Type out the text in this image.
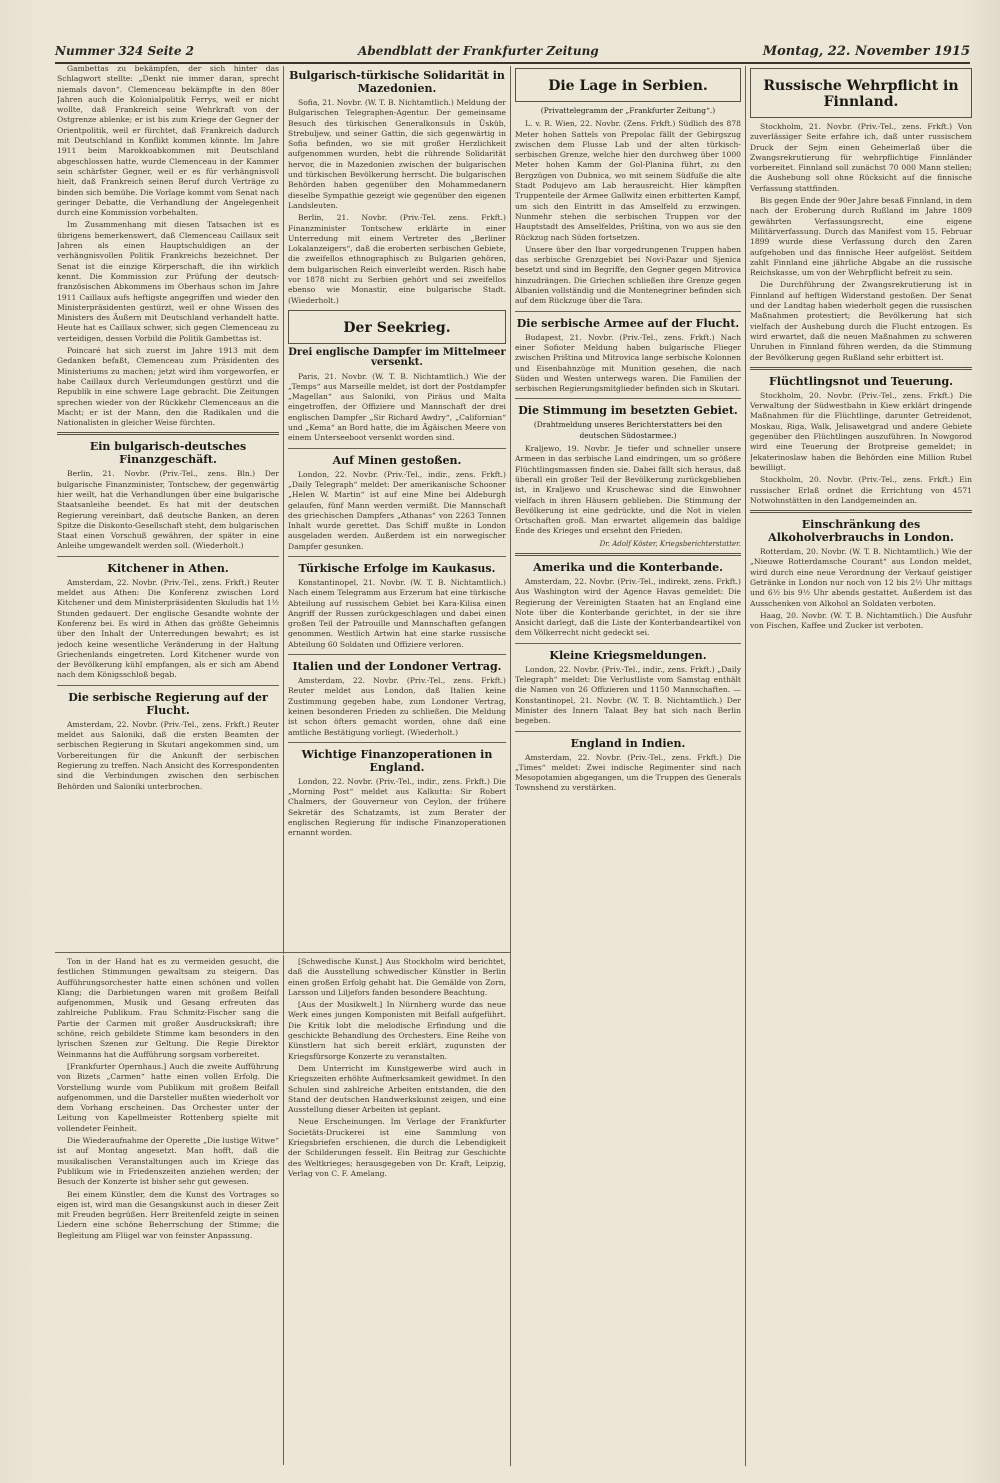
Nummer 324 Seite 2	Abendblatt der Frankfurter Zeitung	Montag, 22. November 1915

Gambettas zu bekämpfen, der sich hinter das Schlagwort stellte: „Denkt nie immer daran, sprecht niemals davon“. Clemenceau bekämpfte in den 80er Jahren auch die Kolonialpolitik Ferrys, weil er nicht wollte, daß Frankreich seine Wehrkraft von der Ostgrenze ablenke; er ist bis zum Kriege der Gegner der Orientpolitik, weil er fürchtet, daß Frankreich dadurch mit Deutschland in Konflikt kommen könnte. Im Jahre 1911 beim Marokkoabkommen mit Deutschland abgeschlossen hatte, wurde Clemenceau in der Kammer sein schärfster Gegner, weil er es für verhängnisvoll hielt, daß Frankreich seinen Beruf durch Verträge zu binden sich bemühe. Die Vorlage kommt vom Senat nach geringer Debatte, die Verhandlung der Angelegenheit durch eine Kommission vorbehalten.

Im Zusammenhang mit diesen Tatsachen ist es übrigens bemerkenswert, daß Clemenceau Caillaux seit Jahren als einen Hauptschuldigen an der verhängnisvollen Politik Frankreichs bezeichnet. Der Senat ist die einzige Körperschaft, die ihn wirklich kennt. Die Kommission zur Prüfung der deutsch-französischen Abkommens im Oberhaus schon im Jahre 1911 Caillaux aufs heftigste angegriffen und wieder den Ministerpräsidenten gestürzt, weil er ohne Wissen des Ministers des Äußern mit Deutschland verhandelt hatte. Heute hat es Caillaux schwer, sich gegen Clemenceau zu verteidigen, dessen Vorbild die Politik Gambettas ist.

Poincaré hat sich zuerst im Jahre 1913 mit dem Gedanken befaßt, Clemenceau zum Präsidenten des Ministeriums zu machen; jetzt wird ihm vorgeworfen, er habe Caillaux durch Verleumdungen gestürzt und die Republik in eine schwere Lage gebracht. Die Zeitungen sprechen wieder von der Rückkehr Clemenceaus an die Macht; er ist der Mann, den die Radikalen und die Nationalisten in gleicher Weise fürchten.

Ein bulgarisch-deutsches Finanzgeschäft.

Berlin, 21. Novbr. (Priv.-Tel., zens. Bln.) Der bulgarische Finanzminister, Tontschew, der gegenwärtig hier weilt, hat die Verhandlungen über eine bulgarische Staatsanleihe beendet. Es hat mit der deutschen Regierung vereinbart, daß deutsche Banken, an deren Spitze die Diskonto-Gesellschaft steht, dem bulgarischen Staat einen Vorschuß gewähren, der später in eine Anleihe umgewandelt werden soll. (Wiederholt.)

Kitchener in Athen.

Amsterdam, 22. Novbr. (Priv.-Tel., zens. Frkft.) Reuter meldet aus Athen: Die Konferenz zwischen Lord Kitchener und dem Ministerpräsidenten Skuludis hat 1½ Stunden gedauert. Der englische Gesandte wohnte der Konferenz bei. Es wird in Athen das größte Geheimnis über den Inhalt der Unterredungen bewahrt; es ist jedoch keine wesentliche Veränderung in der Haltung Griechenlands eingetreten. Lord Kitchener wurde von der Bevölkerung kühl empfangen, als er sich am Abend nach dem Königsschloß begab.

Die serbische Regierung auf der Flucht.

Amsterdam, 22. Novbr. (Priv.-Tel., zens. Frkft.) Reuter meldet aus Saloniki, daß die ersten Beamten der serbischen Regierung in Skutari angekommen sind, um Vorbereitungen für die Ankunft der serbischen Regierung zu treffen. Nach Ansicht des Korrespondenten sind die Verbindungen zwischen den serbischen Behörden und Saloniki unterbrochen.

Bulgarisch-türkische Solidarität in Mazedonien.

Sofia, 21. Novbr. (W. T. B. Nichtamtlich.) Meldung der Bulgarischen Telegraphen-Agentur. Der gemeinsame Besuch des türkischen Generalkonsuls in Üsküb, Strebuljew, und seiner Gattin, die sich gegenwärtig in Sofia befinden, wo sie mit großer Herzlichkeit aufgenommen wurden, hebt die rührende Solidarität hervor, die in Mazedonien zwischen der bulgarischen und türkischen Bevölkerung herrscht. Die bulgarischen Behörden haben gegenüber den Mohammedanern dieselbe Sympathie gezeigt wie gegenüber den eigenen Landsleuten.

Berlin, 21. Novbr. (Priv.-Tel. zens. Frkft.) Finanzminister Tontschew erklärte in einer Unterredung mit einem Vertreter des „Berliner Lokalanzeigers“, daß die eroberten serbischen Gebiete, die zweifellos ethnographisch zu Bulgarien gehören, dem bulgarischen Reich einverleibt werden. Risch habe vor 1878 nicht zu Serbien gehört und sei zweifellos ebenso wie Monastir, eine bulgarische Stadt. (Wiederholt.)

Der Seekrieg.
Drei englische Dampfer im Mittelmeer versenkt.

Paris, 21. Novbr. (W. T. B. Nichtamtlich.) Wie der „Temps“ aus Marseille meldet, ist dort der Postdampfer „Magellan“ aus Saloniki, von Piräus und Malta eingetroffen, der Offiziere und Mannschaft der drei englischen Dampfer „Sir Richard Awdry“, „Californian“ und „Kema“ an Bord hatte, die im Ägäischen Meere von einem Unterseeboot versenkt worden sind.

Auf Minen gestoßen.

London, 22. Novbr. (Priv.-Tel., indir., zens. Frkft.) „Daily Telegraph“ meldet: Der amerikanische Schooner „Helen W. Martin“ ist auf eine Mine bei Aldeburgh gelaufen, fünf Mann werden vermißt. Die Mannschaft des griechischen Dampfers „Athanas“ von 2263 Tonnen Inhalt wurde gerettet. Das Schiff mußte in London ausgeladen werden. Außerdem ist ein norwegischer Dampfer gesunken.

Türkische Erfolge im Kaukasus.

Konstantinopel, 21. Novbr. (W. T. B. Nichtamtlich.) Nach einem Telegramm aus Erzerum hat eine türkische Abteilung auf russischem Gebiet bei Kara-Kilisa einen Angriff der Russen zurückgeschlagen und dabei einen großen Teil der Patrouille und Mannschaften gefangen genommen. Westlich Artwin hat eine starke russische Abteilung 60 Soldaten und Offiziere verloren.

Italien und der Londoner Vertrag.

Amsterdam, 22. Novbr. (Priv.-Tel., zens. Frkft.) Reuter meldet aus London, daß Italien keine Zustimmung gegeben habe, zum Londoner Vertrag, keinen besonderen Frieden zu schließen. Die Meldung ist schon öfters gemacht worden, ohne daß eine amtliche Bestätigung vorliegt. (Wiederholt.)

Wichtige Finanzoperationen in England.

London, 22. Novbr. (Priv.-Tel., indir., zens. Frkft.) Die „Morning Post“ meldet aus Kalkutta: Sir Robert Chalmers, der Gouverneur von Ceylon, der frühere Sekretär des Schatzamts, ist zum Berater der englischen Regierung für indische Finanzoperationen ernannt worden.

Die Lage in Serbien.
(Privattelegramm der „Frankfurter Zeitung“.)

L. v. R. Wien, 22. Novbr. (Zens. Frkft.) Südlich des 878 Meter hohen Sattels von Prepolac fällt der Gebirgszug zwischen dem Flusse Lab und der alten türkisch-serbischen Grenze, welche hier den durchweg über 1000 Meter hohen Kamm der Gol-Planina führt, zu den Bergzügen von Dubnica, wo mit seinem Südfuße die alte Stadt Podujevo am Lab herausreicht. Hier kämpften Truppenteile der Armee Gallwitz einen erbitterten Kampf, um sich den Eintritt in das Amselfeld zu erzwingen. Nunmehr stehen die serbischen Truppen vor der Hauptstadt des Amselfeldes, Priština, von wo aus sie den Rückzug nach Süden fortsetzen.

Unsere über den Ibar vorgedrungenen Truppen haben das serbische Grenzgebiet bei Novi-Pazar und Sjenica besetzt und sind im Begriffe, den Gegner gegen Mitrovica hinzudrängen. Die Griechen schließen ihre Grenze gegen Albanien vollständig und die Montenegriner befinden sich auf dem Rückzuge über die Tara.

Die serbische Armee auf der Flucht.

Budapest, 21. Novbr. (Priv.-Tel., zens. Frkft.) Nach einer Sofioter Meldung haben bulgarische Flieger zwischen Priština und Mitrovica lange serbische Kolonnen und Eisenbahnzüge mit Munition gesehen, die nach Süden und Westen unterwegs waren. Die Familien der serbischen Regierungsmitglieder befinden sich in Skutari.

Die Stimmung im besetzten Gebiet.
(Drahtmeldung unseres Berichterstatters bei den deutschen Südostarmee.)

Kraljewo, 19. Novbr. Je tiefer und schneller unsere Armeen in das serbische Land eindringen, um so größere Flüchtlingsmassen finden sie. Dabei fällt sich heraus, daß überall ein großer Teil der Bevölkerung zurückgeblieben ist, in Kraljewo und Kruschewac sind die Einwohner vielfach in ihren Häusern geblieben. Die Stimmung der Bevölkerung ist eine gedrückte, und die Not in vielen Ortschaften groß. Man erwartet allgemein das baldige Ende des Krieges und ersehnt den Frieden.

Dr. Adolf Köster, Kriegsberichterstatter.
Amerika und die Konterbande.

Amsterdam, 22. Novbr. (Priv.-Tel., indirekt, zens. Frkft.) Aus Washington wird der Agence Havas gemeldet: Die Regierung der Vereinigten Staaten hat an England eine Note über die Konterbande gerichtet, in der sie ihre Ansicht darlegt, daß die Liste der Konterbandeartikel von dem Völkerrecht nicht gedeckt sei.

Kleine Kriegsmeldungen.

London, 22. Novbr. (Priv.-Tel., indir., zens. Frkft.) „Daily Telegraph“ meldet: Die Verlustliste vom Samstag enthält die Namen von 26 Offizieren und 1150 Mannschaften. — Konstantinopel, 21. Novbr. (W. T. B. Nichtamtlich.) Der Minister des Innern Talaat Bey hat sich nach Berlin begeben.

England in Indien.

Amsterdam, 22. Novbr. (Priv.-Tel., zens. Frkft.) Die „Times“ meldet: Zwei indische Regimenter sind nach Mesopotamien abgegangen, um die Truppen des Generals Townshend zu verstärken.

Russische Wehrpflicht in Finnland.

Stockholm, 21. Novbr. (Priv.-Tel., zens. Frkft.) Von zuverlässiger Seite erfahre ich, daß unter russischem Druck der Sejm einen Geheimerlaß über die Zwangsrekrutierung für wehrpflichtige Finnländer vorbereitet. Finnland soll zunächst 70 000 Mann stellen; die Aushebung soll ohne Rücksicht auf die finnische Verfassung stattfinden.

Bis gegen Ende der 90er Jahre besaß Finnland, in dem nach der Eroberung durch Rußland im Jahre 1809 gewährten Verfassungsrecht, eine eigene Militärverfassung. Durch das Manifest vom 15. Februar 1899 wurde diese Verfassung durch den Zaren aufgehoben und das finnische Heer aufgelöst. Seitdem zahlt Finnland eine jährliche Abgabe an die russische Reichskasse, um von der Wehrpflicht befreit zu sein.

Die Durchführung der Zwangsrekrutierung ist in Finnland auf heftigen Widerstand gestoßen. Der Senat und der Landtag haben wiederholt gegen die russischen Maßnahmen protestiert; die Bevölkerung hat sich vielfach der Aushebung durch die Flucht entzogen. Es wird erwartet, daß die neuen Maßnahmen zu schweren Unruhen in Finnland führen werden, da die Stimmung der Bevölkerung gegen Rußland sehr erbittert ist.

Flüchtlingsnot und Teuerung.

Stockholm, 20. Novbr. (Priv.-Tel., zens. Frkft.) Die Verwaltung der Südwestbahn in Kiew erklärt dringende Maßnahmen für die Flüchtlinge, darunter Getreidenot, Moskau, Riga, Walk, Jelisawetgrad und andere Gebiete gegenüber den Flüchtlingen auszuführen. In Nowgorod wird eine Teuerung der Brotpreise gemeldet; in Jekaterinoslaw haben die Behörden eine Million Rubel bewilligt.

Stockholm, 20. Novbr. (Priv.-Tel., zens. Frkft.) Ein russischer Erlaß ordnet die Errichtung von 4571 Notwohnstätten in den Landgemeinden an.

Einschränkung des Alkoholverbrauchs in London.

Rotterdam, 20. Novbr. (W. T. B. Nichtamtlich.) Wie der „Nieuwe Rotterdamsche Courant“ aus London meldet, wird durch eine neue Verordnung der Verkauf geistiger Getränke in London nur noch von 12 bis 2½ Uhr mittags und 6½ bis 9½ Uhr abends gestattet. Außerdem ist das Ausschenken von Alkohol an Soldaten verboten.

Haag, 20. Novbr. (W. T. B. Nichtamtlich.) Die Ausfuhr von Fischen, Kaffee und Zucker ist verboten.

Ton in der Hand hat es zu vermeiden gesucht, die festlichen Stimmungen gewaltsam zu steigern. Das Aufführungsorchester hatte einen schönen und vollen Klang; die Darbietungen waren mit großem Beifall aufgenommen, Musik und Gesang erfreuten das zahlreiche Publikum. Frau Schmitz-Fischer sang die Partie der Carmen mit großer Ausdruckskraft; ihre schöne, reich gebildete Stimme kam besonders in den lyrischen Szenen zur Geltung. Die Regie Direktor Weinmanns hat die Aufführung sorgsam vorbereitet.

[Frankfurter Opernhaus.] Auch die zweite Aufführung von Bizets „Carmen“ hatte einen vollen Erfolg. Die Vorstellung wurde vom Publikum mit großem Beifall aufgenommen, und die Darsteller mußten wiederholt vor dem Vorhang erscheinen. Das Orchester unter der Leitung von Kapellmeister Rottenberg spielte mit vollendeter Feinheit.

Die Wiederaufnahme der Operette „Die lustige Witwe“ ist auf Montag angesetzt. Man hofft, daß die musikalischen Veranstaltungen auch im Kriege das Publikum wie in Friedenszeiten anziehen werden; der Besuch der Konzerte ist bisher sehr gut gewesen.

Bei einem Künstler, dem die Kunst des Vortrages so eigen ist, wird man die Gesangskunst auch in dieser Zeit mit Freuden begrüßen. Herr Breitenfeld zeigte in seinen Liedern eine schöne Beherrschung der Stimme; die Begleitung am Flügel war von feinster Anpassung.

[Schwedische Kunst.] Aus Stockholm wird berichtet, daß die Ausstellung schwedischer Künstler in Berlin einen großen Erfolg gehabt hat. Die Gemälde von Zorn, Larsson und Liljefors fanden besondere Beachtung.

[Aus der Musikwelt.] In Nürnberg wurde das neue Werk eines jungen Komponisten mit Beifall aufgeführt. Die Kritik lobt die melodische Erfindung und die geschickte Behandlung des Orchesters. Eine Reihe von Künstlern hat sich bereit erklärt, zugunsten der Kriegsfürsorge Konzerte zu veranstalten.

Dem Unterricht im Kunstgewerbe wird auch in Kriegszeiten erhöhte Aufmerksamkeit gewidmet. In den Schulen sind zahlreiche Arbeiten entstanden, die den Stand der deutschen Handwerkskunst zeigen, und eine Ausstellung dieser Arbeiten ist geplant.

Neue Erscheinungen. Im Verlage der Frankfurter Societäts-Druckerei ist eine Sammlung von Kriegsbriefen erschienen, die durch die Lebendigkeit der Schilderungen fesselt. Ein Beitrag zur Geschichte des Weltkrieges; herausgegeben von Dr. Kraft, Leipzig, Verlag von C. F. Amelang.
